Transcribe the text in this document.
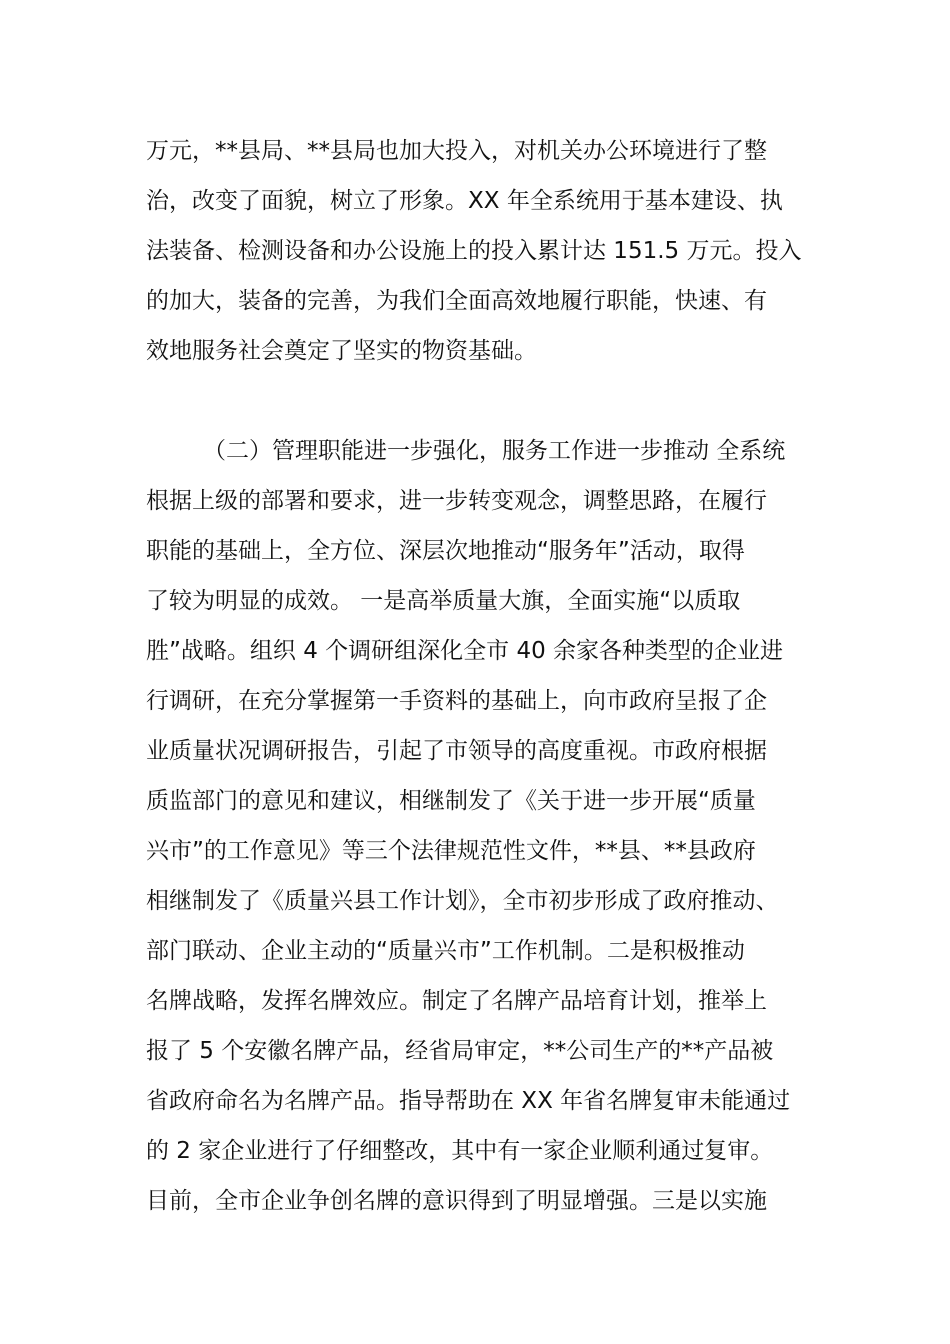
万元，**县局、**县局也加大投入，对机关办公环境进行了整
治，改变了面貌，树立了形象。XX 年全系统用于基本建设、执
法装备、检测设备和办公设施上的投入累计达 151.5 万元。投入
的加大，装备的完善，为我们全面高效地履行职能，快速、有
效地服务社会奠定了坚实的物资基础。
（二）管理职能进一步强化，服务工作进一步推动 全系统
根据上级的部署和要求，进一步转变观念，调整思路，在履行
职能的基础上，全方位、深层次地推动“服务年”活动，取得
了较为明显的成效。 一是高举质量大旗，全面实施“以质取
胜”战略。组织 4 个调研组深化全市 40 余家各种类型的企业进
行调研，在充分掌握第一手资料的基础上，向市政府呈报了企
业质量状况调研报告，引起了市领导的高度重视。市政府根据
质监部门的意见和建议，相继制发了《关于进一步开展“质量
兴市”的工作意见》等三个法律规范性文件，**县、**县政府
相继制发了《质量兴县工作计划》，全市初步形成了政府推动、
部门联动、企业主动的“质量兴市”工作机制。二是积极推动
名牌战略，发挥名牌效应。制定了名牌产品培育计划，推举上
报了 5 个安徽名牌产品，经省局审定，**公司生产的**产品被
省政府命名为名牌产品。指导帮助在 XX 年省名牌复审未能通过
的 2 家企业进行了仔细整改，其中有一家企业顺利通过复审。
目前，全市企业争创名牌的意识得到了明显增强。三是以实施
